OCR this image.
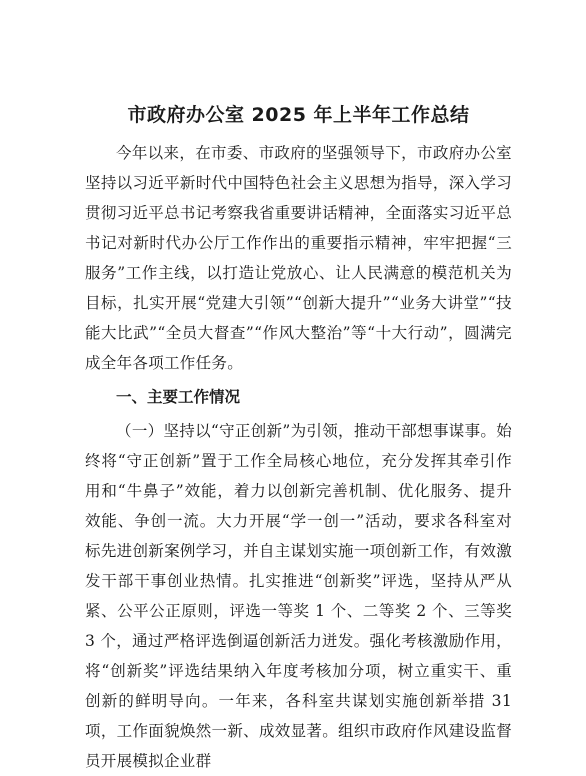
市政府办公室 2025 年上半年工作总结

今年以来，在市委、市政府的坚强领导下，市政府办公室坚持以习近平新时代中国特色社会主义思想为指导，深入学习贯彻习近平总书记考察我省重要讲话精神，全面落实习近平总书记对新时代办公厅工作作出的重要指示精神，牢牢把握“三服务”工作主线，以打造让党放心、让人民满意的模范机关为目标，扎实开展“党建大引领”“创新大提升”“业务大讲堂”“技能大比武”“全员大督查”“作风大整治”等“十大行动”，圆满完成全年各项工作任务。

一、主要工作情况

（一）坚持以“守正创新”为引领，推动干部想事谋事。始终将“守正创新”置于工作全局核心地位，充分发挥其牵引作用和“牛鼻子”效能，着力以创新完善机制、优化服务、提升效能、争创一流。大力开展“学一创一”活动，要求各科室对标先进创新案例学习，并自主谋划实施一项创新工作，有效激发干部干事创业热情。扎实推进“创新奖”评选，坚持从严从紧、公平公正原则，评选一等奖 1 个、二等奖 2 个、三等奖 3 个，通过严格评选倒逼创新活力迸发。强化考核激励作用，将“创新奖”评选结果纳入年度考核加分项，树立重实干、重创新的鲜明导向。一年来，各科室共谋划实施创新举措 31 项，工作面貌焕然一新、成效显著。组织市政府作风建设监督员开展模拟企业群
